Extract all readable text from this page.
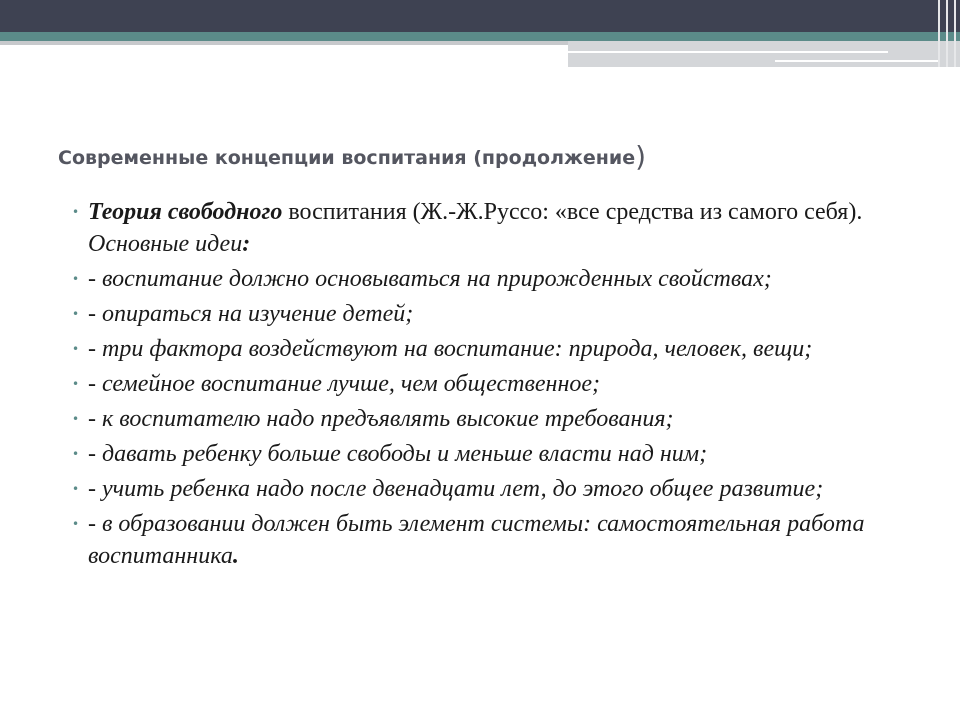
Современные концепции воспитания (продолжение)
• Теория свободного воспитания (Ж.-Ж.Руссо: «все средства из самого себя). Основные идеи:
• - воспитание должно основываться на прирожденных свойствах;
• - опираться на изучение детей;
• - три фактора воздействуют на воспитание: природа, человек, вещи;
• - семейное воспитание лучше, чем общественное;
• - к воспитателю надо предъявлять высокие требования;
• - давать ребенку больше свободы и меньше власти над ним;
• - учить ребенка надо после двенадцати лет, до этого общее развитие;
• - в образовании должен быть элемент системы: самостоятельная работа воспитанника.
